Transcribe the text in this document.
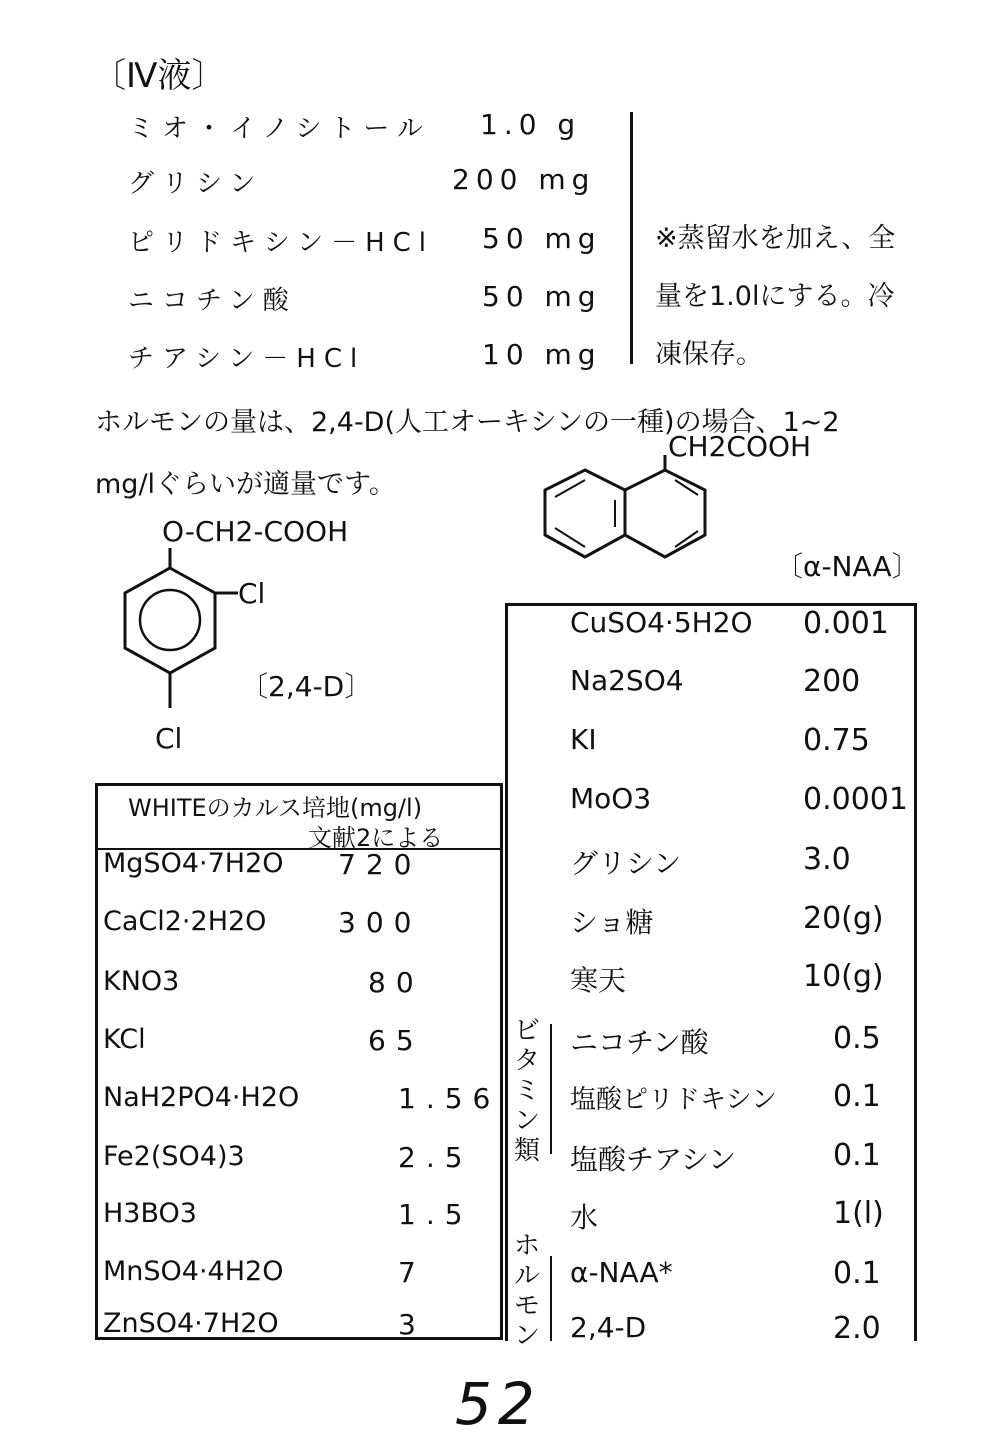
〔Ⅳ液〕
ミオ・イノシトール 1.0 g
グリシン	200 mg
ピリドキシン－HCl 50 mg
ニコチン酸	50 mg
チアシン－HCl	10 mg
※蒸留水を加え、全
量を1.0lにする。冷
凍保存。
ホルモンの量は、2,4-D(人工オーキシンの一種)の場合、1~2
mg/lぐらいが適量です。
CH2COOH
〔α-NAA〕
O-CH2-COOH
Cl
Cl
〔2,4-D〕
WHITEのカルス培地(mg/l)
文献2による
MgSO4·7H2O 720
CaCl2·2H2O	300
KNO3	80
KCl	65
NaH2PO4·H2O	1.56
Fe2(SO4)3	2.5
H3BO3	1.5
MnSO4·4H2O	7
ZnSO4·7H2O	3
CuSO4·5H2O 0.001
Na2SO4	200
KI	0.75
MoO3	0.0001
グリシン	3.0
ショ糖	20(g)
寒天	10(g)
ビタミン類
ニコチン酸	0.5
塩酸ピリドキシン 0.1
塩酸チアシン	0.1
水	1(l)
ホルモン
α-NAA*	0.1
2,4-D	2.0
52
